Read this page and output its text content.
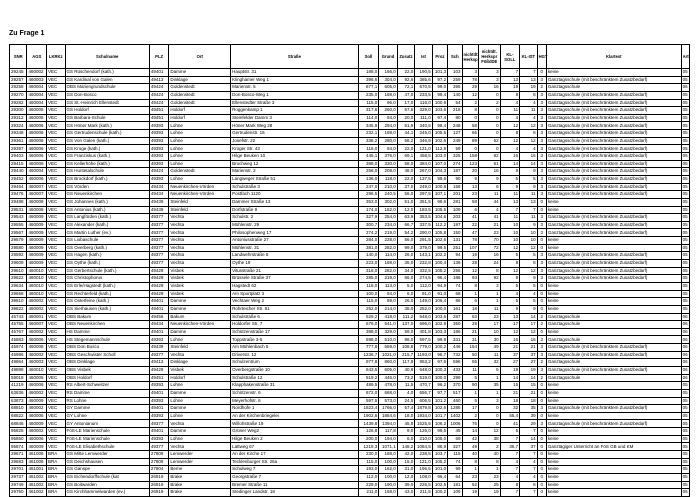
Zu Frage 1
SNR	AGS	LKRKz	Schulname	PLZ	Ort	Straße	Soll	Grund	Zusatz	Ist	Proz	Sch	nichtdt. Herkspr	nichtdt. Herkspr FößdDE	KL-SOLL	KL-IST	HGT	Klartext	Artl
29245	460002	VEC	GS Rüschendorf (kath.)	49401	Damme	Hauptstr. 31	188,0	166,0	22,0	190,5	101,3	103	3	3	7	7	0	keine	05
29257	460003	VEC	GS Kardinal von Galen	49413	Dinklage	Klinghamer Weg 1	396,6	304,0	92,6	385,6	97,2	259	78	3	13	13	3	Ganztagsschule (mit beschränktem Zusatzbedarf)	05
29258	460004	VEC	OBS Mariengrundschule	49424	Goldenstedt	Marienstr. 5	677,1	605,0	72,1	670,5	99,0	395	29	16	19	19	2	Ganztagsschule	06
29270	460004	VEC	GS Don-Bosco	49424	Goldenstedt	Don-Bosco-Weg 1	235,0	188,0	47,0	233,5	99,4	140	12	0	8	8	3	Ganztagsschule (mit beschränktem Zusatzbedarf)	05
29282	460004	VEC	GS St.-Heinrich Ellenstedt	49424	Goldenstedt	Ellenstedter Straße 3	115,0	96,0	17,0	116,0	100,9	54	2	2	4	4	3	Ganztagsschule (mit beschränktem Zusatzbedarf)	05
29300	460005	VEC	GS Holdorf	49451	Holdorf	Roggenkamp 1	317,6	260,0	57,6	329,0	103,6	218	8	0	11	11	3	Ganztagsschule (mit beschränktem Zusatzbedarf)	05
29312	460005	VEC	GS Barbara-Schule	49451	Holdorf	Steinfelder Damm 3	114,0	94,0	20,0	111,0	97,4	80	0	0	4	4	3	Ganztagsschule (mit beschränktem Zusatzbedarf)	05
29324	460006	VEC	GS Höner Mark (kath.)	49393	Lohne	Höner Mark Weg 28	345,9	294,0	51,9	340,5	98,4	248	58	0	12	12	3	Ganztagsschule (mit beschränktem Zusatzbedarf)	05
29348	460006	VEC	GS Gertrudenschule (kath.)	49393	Lohne	Gertrudenstr. 15	232,1	188,0	44,1	245,0	105,6	127	66	0	8	8	3	Ganztagsschule (mit beschränktem Zusatzbedarf)	05
29361	460006	VEC	GS Von Galen (kath.)	49393	Lohne	Josefstr. 22	338,2	280,0	58,2	346,9	102,6	249	89	52	12	12	3	Ganztagsschule (mit beschränktem Zusatzbedarf)	05
29397	460006	VEC	GS Kroge (kath.)	49393	Lohne	Kroger Str. 43	116,0	94,0	22,0	121,0	112,9	59	0	0	4	4	3	Ganztagsschule (mit beschränktem Zusatzbedarf)	05
29403	460006	VEC	GS Franziskus (kath.)	49393	Lohne	Hilge Beuken 10	445,1	376,0	69,1	458,5	103,0	325	158	82	16	16	3	Ganztagsschule (mit beschränktem Zusatzbedarf)	05
29415	460006	VEC	GS Kellerhöhe (kath.)	49393	Lohne	Bruchweg 12	388,0	330,0	58,0	384,0	107,0	274	123	61	14	14	3	Ganztagsschule (mit beschränktem Zusatzbedarf)	05
29440	460004	VEC	GS Huntetalschule	49424	Goldenstedt	Marienstr. 2	256,0	208,0	48,0	267,0	104,3	187	20	16	9	9	3	Ganztagsschule (mit beschränktem Zusatzbedarf)	05
29452	460006	VEC	GS Brockdorf (kath.)	49393	Lohne	Langweger Straße 51	136,0	118,0	22,0	137,5	99,6	90	9	9	5	5	3	Ganztagsschule (mit beschränktem Zusatzbedarf)	05
29464	460007	VEC	GS Vörden	49434	Neuenkirchen-Vörden	Schulstraße 3	247,0	210,0	37,0	249,0	100,8	158	13	6	9	9	3	Ganztagsschule (mit beschränktem Zusatzbedarf)	05
29476	460007	VEC	GS Neuenkirchen	49434	Neuenkirchen-Vörden	Postfach 1120	296,5	240,5	56,0	297,5	107,1	201	23	11	11	11	3	Ganztagsschule (mit beschränktem Zusatzbedarf)	05
29488	460008	VEC	GS Johannes (kath.)	49439	Steinfeld	Dammer Straße 13	353,0	302,0	51,0	351,5	99,6	281	58	44	13	13	0	keine	05
29531	460008	VEC	GS Antonius (kath.)	49439	Steinfeld	Dorfstraße 9	174,0	162,0	12,0	183,5	105,5	109	6	4	7	7	0	keine	05
29543	460009	VEC	GS Langförden (kath.)	49377	Vechta	Schulstr. 2	327,9	254,0	63,9	353,5	104,6	203	41	41	11	11	3	Ganztagsschule (mit beschränktem Zusatzbedarf)	05
29555	460009	VEC	GS Alexander (kath.)	49377	Vechta	Mühlenstr. 29	300,7	234,0	66,7	337,5	112,2	197	22	21	10	9	3	Ganztagsschule (mit beschränktem Zusatzbedarf)	05
29567	460009	VEC	GS Martin Luther (ev.)	49377	Vechta	Philosophenweg 17	274,2	219,0	54,2	290,0	105,8	150	47	23	10	10	3	Ganztagsschule (mit beschränktem Zusatzbedarf)	05
29579	460009	VEC	GS Liobaschule	49377	Vechta	Antoniusstraße 27	284,0	228,0	56,0	291,5	102,6	131	78	70	10	10	0	keine	05
29580	460009	VEC	GS Overberg (kath.)	49377	Vechta	Mühlenstr. 31	381,0	282,0	99,0	379,0	99,5	251	107	72	12	12	0	keine	05
29592	460009	VEC	GS Hagen (kath.)	49377	Vechta	Landwehrstraße 5	140,0	114,0	26,0	143,1	102,2	94	19	16	5	5	3	Ganztagsschule (mit beschränktem Zusatzbedarf)	05
29609	460009	VEC	GS Oythe (kath.)	49377	Vechta	Oythe 19	223,0	188,0	35,0	232,8	100,4	136	28	24	8	8	3	Ganztagsschule (mit beschränktem Zusatzbedarf)	05
29610	460010	VEC	GS Gerbertschule (kath.)	49429	Visbek	Vitusstraße 21	316,0	282,0	34,0	332,5	105,2	256	12	8	12	12	3	Ganztagsschule (mit beschränktem Zusatzbedarf)	05
29622	460010	VEC	GS Christophorus	49429	Visbek	Brüssele Straße 37	285,0	219,0	66,0	274,5	96,4	186	93	92	9	9	3	Ganztagsschule (mit beschränktem Zusatzbedarf)	05
29634	460010	VEC	GS Erle/Hagstedt (kath.)	49429	Visbek	Hagstedt 62	118,0	113,0	5,0	112,0	94,9	74	8	3	5	5	0	keine	05
29658	460010	VEC	GS Rechterfeld (kath.)	49429	Visbek	Am Sportplatz 3	100,0	94,0	6,0	91,0	91,0	68	1	1	4	4	0	keine	05
39810	460002	VEC	GS Osterfeine (kath.)	49401	Damme	Vechtaer Weg 2	115,0	89,0	26,0	149,0	106,4	86	6	1	5	5	0	keine	05
39822	460002	VEC	GS Sierhausen (kath.)	49401	Damme	Rohrteicher Str. 81	252,0	214,0	38,0	252,0	100,0	161	18	11	9	9	0	keine	05
45743	460001	VEC	OBS Bakum	49456	Bakum	Schulstraße 6	529,2	418,0	111,2	548,0	103,6	287	63	23	13	14	2	Ganztagsschule	06
45755	460007	VEC	OBS Neuenkirchen	49434	Neuenkirchen-Vörden	Holdorfer Str. 7	676,0	541,0	137,0	696,0	102,9	350	28	17	17	17	2	Ganztagsschule	06
45767	460002	VEC	HS Damme	49401	Damme	Schützenstraße 17	388,0	329,0	59,0	401,8	103,3	186	21	10	12	12	0	keine	06
45883	460006	VEC	HS Stegemannschule	49393	Lohne	Toppstraße 3-5	598,0	510,0	88,0	597,5	99,9	331	31	30	16	16	2	Ganztagsschule	06
45974	460008	VEC	OBS Don Bosco	49439	Steinfeld	Am Mühlenbach 5	777,8	669,0	108,8	779,0	100,2	446	154	49	21	21	3	Ganztagsschule (mit beschränktem Zusatzbedarf)	06
45986	460002	VEC	OBS Geschwister Scholl	49377	Vechta	Driverstr. 12	1236,7	1021,0	215,7	1193,0	96,7	732	50	11	37	37	3	Ganztagsschule (mit beschränktem Zusatzbedarf)	06
49864	460003	VEC	OBS Dinklage	49413	Dinklage	Schulzentrum	977,8	860,0	117,8	953,2	97,5	596	55	32	27	27	2	Ganztagsschule	06
49888	460010	VEC	OBS Visbek	49429	Visbek	Overbergstraße 10	643,5	605,0	40,8	648,0	100,3	433	11	5	19	19	3	Ganztagsschule (mit beschränktem Zusatzbedarf)	06
59018	460005	VEC	OBS Holdorf	49451	Holdorf	Schulstraße 12	519,2	446,0	73,2	519,0	100,0	299	5	1	14	14	2	Ganztagsschule	06
41219	460006	VEC	RS Albert-Schweitzer	49393	Lohne	Klapphakenstraße 31	489,5	478,0	11,5	470,7	96,2	370	90	35	15	15	0	keine	05
63836	460002	VEC	RS Damme	49401	Damme	Schützenstr. 6	672,0	668,0	4,0	656,7	97,7	517	1	1	21	21	0	keine	05
63873	460009	VEC	RS Lohne	49393	Lohne	Meyerhofstr. 6	597,5	573,0	24,5	606,5	101,2	460	5	3	18	18	0	keine	05
68810	460002	VEC	GY Damme	49401	Damme	Nordhofe 1	1823,4	1766,0	57,4	1879,8	102,6	1285	17	0	32	35	3	Ganztagsschule (mit beschränktem Zusatzbedarf)	05
68822	460006	VEC	GY Lohne	49393	Lohne	An der Kirchenbriegelei	1902,6	1884,6	18,0	1934,0	101,7	1402	2	0	55,4	39	0	keine	05
68846	460009	VEC	GY Antonianum	49377	Vechta	Willohstraße 19	1439,8	1394,0	45,8	1525,5	106,2	1006	76	0	41	29	3	Ganztagsschule (mit beschränktem Zusatzbedarf)	05
95825	460002	VEC	FöS-LE Marienschule	49401	Damme	Grüner Weg2	126,8	117,8	9,0	126,0	99,5	45	14	12	5	7	0	keine	05
95850	460006	VEC	FöS-LE Marienschule	49393	Lohne	Hilge Beuken 2	200,0	194,0	6,0	210,0	105,0	69	42	38	7	14	0	keine	05
95874	460009	VEC	FöS-LE Elisabethschule	49377	Vechta	Lattweg 67	1219,3	1071,1	148,2	1084,5	88,9	327	49	2	36,7	37	0	Ganztägiger Unterricht an FöS GB und KM	05
29671	461006	BRA	GS Mitte Lemwerder	27809	Lemwerder	An der Kirche 17	230,0	188,0	42,0	238,5	103,7	115	40	40	7	7	0	keine	05
29683	461006	BRA	GS Deichshausen	27809	Lemwerder	Tecklenburger Str. 26a	115,0	100,0	15,0	121,0	105,2	74	8	8	4	4	0	keine	05
29701	461001	BRA	GS Ganspe	27804	Berne	Schulweg 7	193,0	162,0	31,0	196,5	101,0	99	1	1	7	7	0	keine	05
29737	461002	BRA	GS Eichendorffschule (kat	26919	Brake	Georgstraße 7	112,0	100,0	12,0	108,0	96,4	64	23	23	4	4	0	keine	05
29749	461002	BRA	GS Boitwarden	26919	Brake	Bremer Straße 11	229,0	190,0	39,0	226,5	102,5	181	52	25	8	8	0	keine	05
29750	461002	BRA	GS Kirchhammelwarden (ev.)	26919	Brake	Stedinger Landstr. 18	211,0	168,0	43,0	211,5	100,2	109	19	19	7	7	0	keine	05
